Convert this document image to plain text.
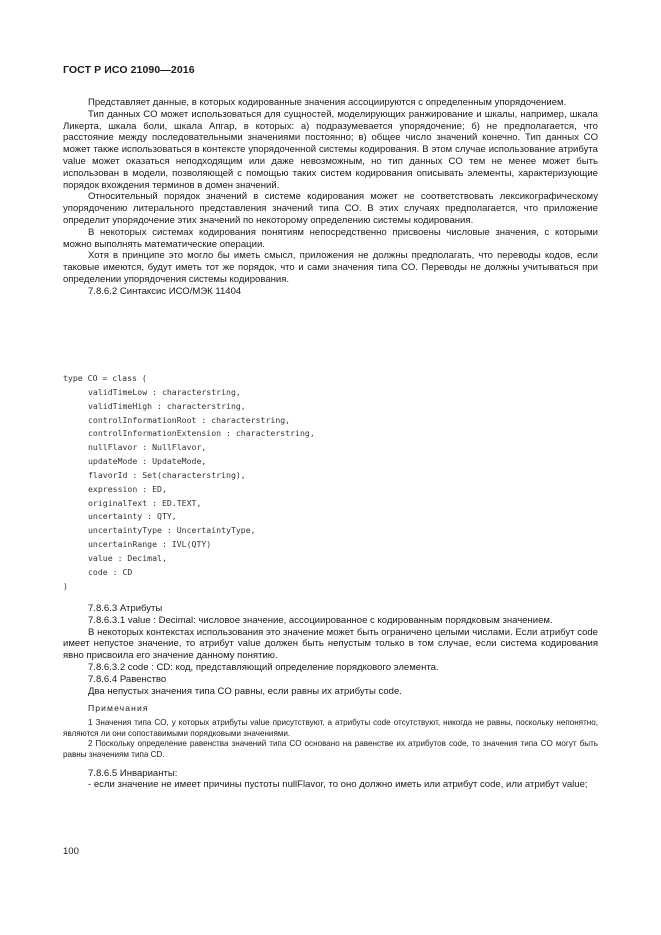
ГОСТ Р ИСО 21090—2016

Представляет данные, в которых кодированные значения ассоциируются с определенным упорядочением.

Тип данных CO может использоваться для сущностей, моделирующих ранжирование и шкалы, например, шкала Ликерта, шкала боли, шкала Апгар, в которых: а) подразумевается упорядочение; б) не предполагается, что расстояние между последовательными значениями постоянно; в) общее число значений конечно. Тип данных CO может также использоваться в контексте упорядоченной системы кодирования. В этом случае использование атрибута value может оказаться неподходящим или даже невозможным, но тип данных CO тем не менее может быть использован в модели, позволяющей с помощью таких систем кодирования описывать элементы, характеризующие порядок вхождения терминов в домен значений.

Относительный порядок значений в системе кодирования может не соответствовать лексикографическому упорядочению литерального представления значений типа CO. В этих случаях предполагается, что приложение определит упорядочение этих значений по некоторому определению системы кодирования.

В некоторых системах кодирования понятиям непосредственно присвоены числовые значения, с которыми можно выполнять математические операции.

Хотя в принципе это могло бы иметь смысл, приложения не должны предполагать, что переводы кодов, если таковые имеются, будут иметь тот же порядок, что и сами значения типа CO. Переводы не должны учитываться при определении упорядочения системы кодирования.

7.8.6.2 Синтаксис ИСО/МЭК 11404

type CO = class (
validTimeLow : characterstring,
validTimeHigh : characterstring,
controlInformationRoot : characterstring,
controlInformationExtension : characterstring,
nullFlavor : NullFlavor,
updateMode : UpdateMode,
flavorId : Set(characterstring),
expression : ED,
originalText : ED.TEXT,
uncertainty : QTY,
uncertaintyType : UncertaintyType,
uncertainRange : IVL(QTY)
value : Decimal,
code : CD
)

7.8.6.3 Атрибуты

7.8.6.3.1 value : Decimal: числовое значение, ассоциированное с кодированным порядковым значением.

В некоторых контекстах использования это значение может быть ограничено целыми числами. Если атрибут code имеет непустое значение, то атрибут value должен быть непустым только в том случае, если система кодирования явно присвоила его значение данному понятию.

7.8.6.3.2 code : CD: код, представляющий определение порядкового элемента.

7.8.6.4 Равенство

Два непустых значения типа CO равны, если равны их атрибуты code.

Примечания

1 Значения типа CO, у которых атрибуты value присутствуют, а атрибуты code отсутствуют, никогда не равны, поскольку непонятно, являются ли они сопоставимыми порядковыми значениями.

2 Поскольку определение равенства значений типа CO основано на равенстве их атрибутов code, то значения типа CO могут быть равны значениям типа CD.

7.8.6.5 Инварианты:

- если значение не имеет причины пустоты nullFlavor, то оно должно иметь или атрибут code, или атрибут value;

100
